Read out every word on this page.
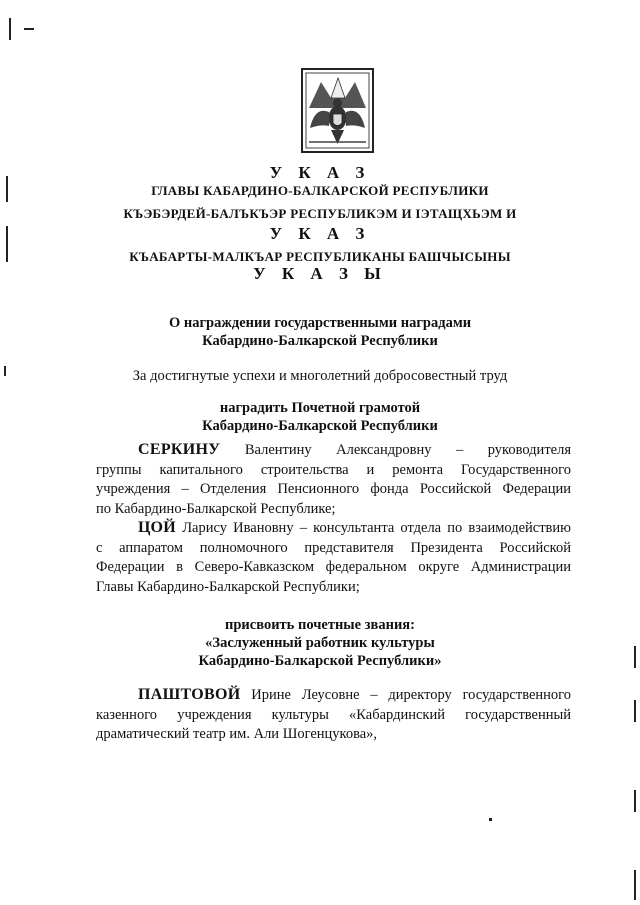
У К А З
ГЛАВЫ КАБАРДИНО-БАЛКАРСКОЙ РЕСПУБЛИКИ
КЪЭБЭРДЕЙ-БАЛЪКЪЭР РЕСПУБЛИКЭМ И ІЭТАЩХЬЭМ И
У К А З
КЪАБАРТЫ-МАЛКЪАР РЕСПУБЛИКАНЫ БАШЧЫСЫНЫ
У К А З Ы
О награждении государственными наградами
Кабардино-Балкарской Республики
За достигнутые успехи и многолетний добросовестный труд
наградить Почетной грамотой
Кабардино-Балкарской Республики
СЕРКИНУ Валентину Александровну – руководителя
группы капитального строительства и ремонта Государственного
учреждения – Отделения Пенсионного фонда Российской Федерации
по Кабардино-Балкарской Республике;
ЦОЙ Ларису Ивановну – консультанта отдела по взаимодействию
с аппаратом полномочного представителя Президента Российской
Федерации в Северо-Кавказском федеральном округе Администрации
Главы Кабардино-Балкарской Республики;
присвоить почетные звания:
«Заслуженный работник культуры
Кабардино-Балкарской Республики»
ПАШТОВОЙ Ирине Леусовне – директору государственного
казенного учреждения культуры «Кабардинский государственный
драматический театр им. Али Шогенцукова»,
